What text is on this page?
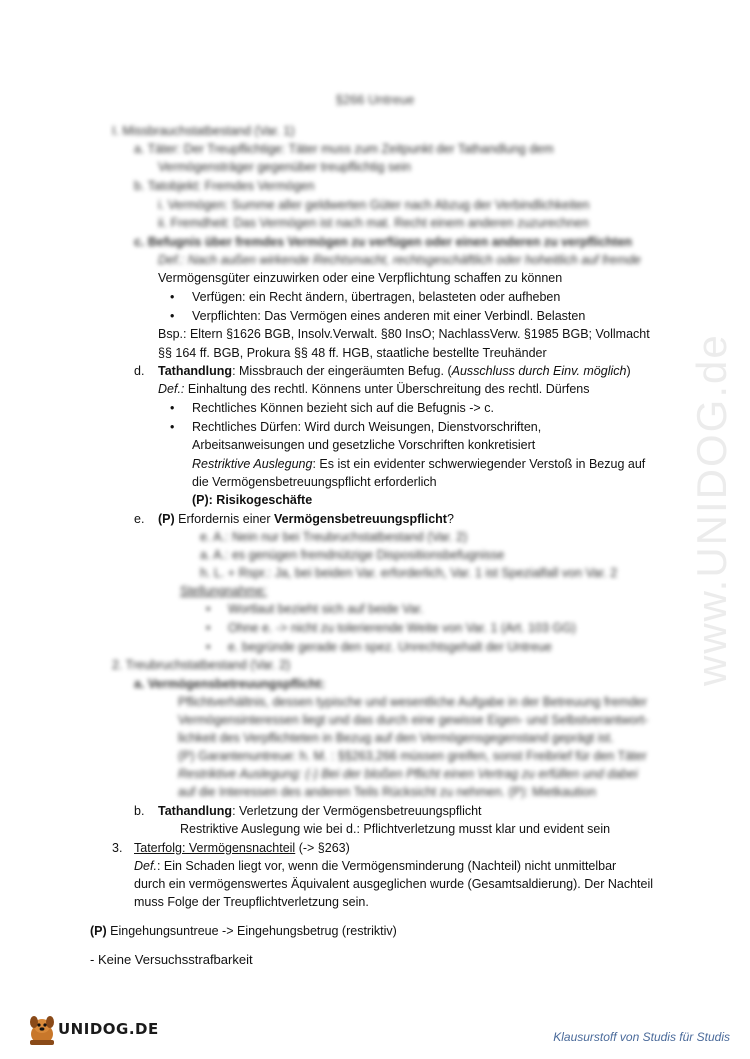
§266 Untreue
I. Missbrauchstatbestand (Var. 1)
a. Täter: Der Treupflichtige: Täter muss zum Zeitpunkt der Tathandlung dem
Vermögensträger gegenüber treupflichtig sein
b. Tatobjekt: Fremdes Vermögen
i. Vermögen: Summe aller geldwerten Güter nach Abzug der Verbindlichkeiten
ii. Fremdheit: Das Vermögen ist nach mat. Recht einem anderen zuzurechnen
c. Befugnis über fremdes Vermögen zu verfügen oder einen anderen zu verpflichten
Def.: Nach außen wirkende Rechtsmacht, rechtsgeschäftlich oder hoheitlich auf fremde
Vermögensgüter einzuwirken oder eine Verpflichtung schaffen zu können
• Verfügen: ein Recht ändern, übertragen, belasteten oder aufheben
• Verpflichten: Das Vermögen eines anderen mit einer Verbindl. Belasten
Bsp.: Eltern §1626 BGB, Insolv.Verwalt. §80 InsO; NachlassVerw. §1985 BGB; Vollmacht
§§ 164 ff. BGB, Prokura §§ 48 ff. HGB, staatliche bestellte Treuhänder
d. Tathandlung: Missbrauch der eingeräumten Befug. (Ausschluss durch Einv. möglich)
Def.: Einhaltung des rechtl. Könnens unter Überschreitung des rechtl. Dürfens
• Rechtliches Können bezieht sich auf die Befugnis -> c.
• Rechtliches Dürfen: Wird durch Weisungen, Dienstvorschriften,
Arbeitsanweisungen und gesetzliche Vorschriften konkretisiert
Restriktive Auslegung: Es ist ein evidenter schwerwiegender Verstoß in Bezug auf
die Vermögensbetreuungspflicht erforderlich
(P): Risikogeschäfte
e. (P) Erfordernis einer Vermögensbetreuungspflicht?
e. A.: Nein nur bei Treubruchstatbestand (Var. 2)
a. A.: es genügen fremdnützige Dispositionsbefugnisse
h. L. + Rspr.: Ja, bei beiden Var. erforderlich, Var. 1 ist Spezialfall von Var. 2
Stellungnahme:
• Wortlaut bezieht sich auf beide Var.
• Ohne e. -> nicht zu tolerierende Weite von Var. 1 (Art. 103 GG)
• e. begründe gerade den spez. Unrechtsgehalt der Untreue
2. Treubruchstatbestand (Var. 2)
a. Vermögensbetreuungspflicht:
Pflichtverhältnis, dessen typische und wesentliche Aufgabe in der Betreuung fremder
Vermögensinteressen liegt und das durch eine gewisse Eigen- und Selbstverantwort-
lichkeit des Verpflichteten in Bezug auf den Vermögensgegenstand geprägt ist.
(P) Garantenuntreue: h. M. : §§263,266 müssen greifen, sonst Freibrief für den Täter
Restriktive Auslegung: (-) Bei der bloßen Pflicht einen Vertrag zu erfüllen und dabei
auf die Interessen des anderen Teils Rücksicht zu nehmen. (P): Mietkaution
b. Tathandlung: Verletzung der Vermögensbetreuungspflicht
Restriktive Auslegung wie bei d.: Pflichtverletzung musst klar und evident sein
3. Taterfolg: Vermögensnachteil (-> §263)
Def.: Ein Schaden liegt vor, wenn die Vermögensminderung (Nachteil) nicht unmittelbar
durch ein vermögenswertes Äquivalent ausgeglichen wurde (Gesamtsaldierung). Der Nachteil
muss Folge der Treupflichtverletzung sein.
(P) Eingehungsuntreue -> Eingehungsbetrug (restriktiv)
- Keine Versuchsstrafbarkeit
www.UNIDOG.de
UNIDOG.DE	Klausurstoff von Studis für Studis
